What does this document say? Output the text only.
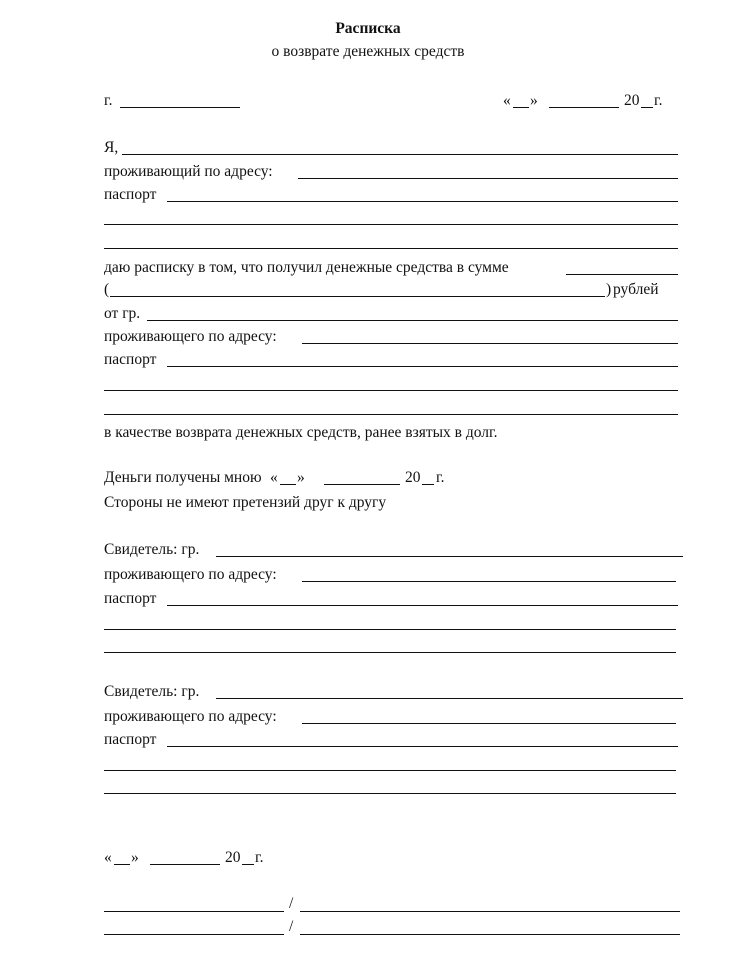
Расписка
о возврате денежных средств
г.	« »	20 г.
Я,
проживающий по адресу:
паспорт
даю расписку в том, что получил денежные средства в сумме
(	) рублей
от гр.
проживающего по адресу:
паспорт
в качестве возврата денежных средств, ранее взятых в долг.
Деньги получены мною « »	20 г.
Стороны не имеют претензий друг к другу
Свидетель: гр.
проживающего по адресу:
паспорт
Свидетель: гр.
проживающего по адресу:
паспорт
« »	20 г.
/
/
